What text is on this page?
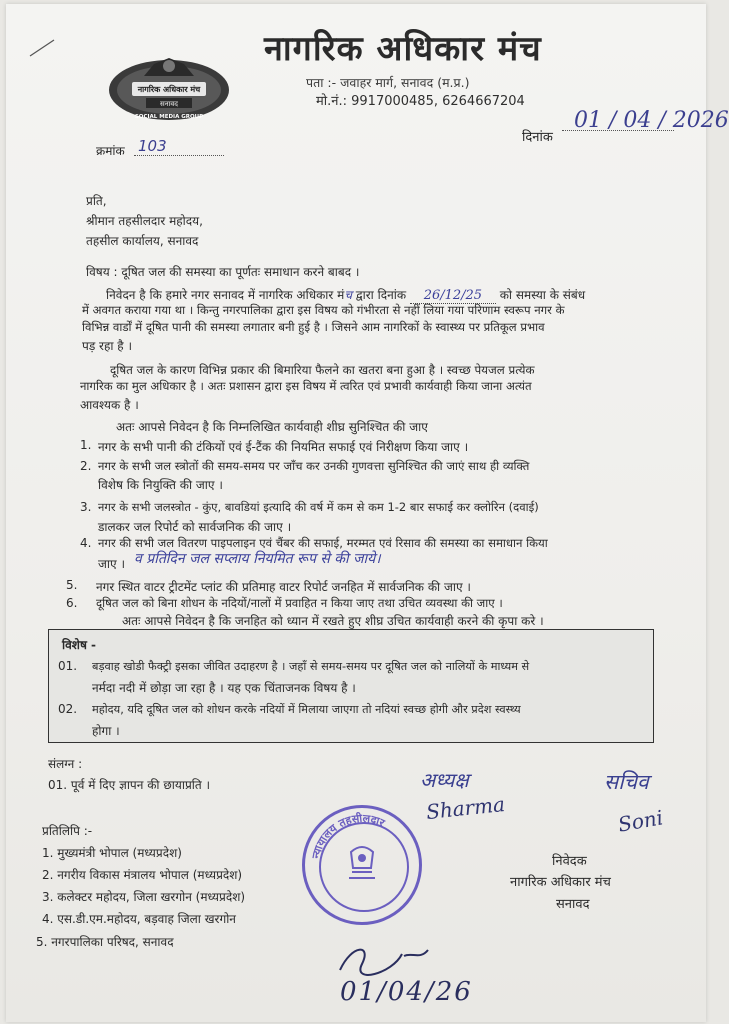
नागरिक अधिकार मंच
सनावद
SOCIAL MEDIA GROUP
नागरिक अधिकार मंच
पता :- जवाहर मार्ग, सनावद (म.प्र.)
मो.नं.: 9917000485, 6264667204
दिनांक
01 / 04 / 2026
क्रमांक 103
प्रति,
श्रीमान तहसीलदार महोदय,
तहसील कार्यालय, सनावद
विषय : दूषित जल की समस्या का पूर्णतः समाधान करने बाबद ।
निवेदन है कि हमारे नगर सनावद में नागरिक अधिकार मंच द्वारा दिनांक 26/12/25 को समस्या के संबंध
में अवगत कराया गया था । किन्तु नगरपालिका द्वारा इस विषय को गंभीरता से नहीं लिया गया परिणाम स्वरूप नगर के
विभिन्न वार्डों में दूषित पानी की समस्या लगातार बनी हुई है । जिसने आम नागरिकों के स्वास्थ्य पर प्रतिकूल प्रभाव
पड़ रहा है ।
दूषित जल के कारण विभिन्न प्रकार की बिमारिया फैलने का खतरा बना हुआ है । स्वच्छ पेयजल प्रत्येक
नागरिक का मुल अधिकार है । अतः प्रशासन द्वारा इस विषय में त्वरित एवं प्रभावी कार्यवाही किया जाना अत्यंत
आवश्यक है ।
अतः आपसे निवेदन है कि निम्नलिखित कार्यवाही शीघ्र सुनिश्चित की जाए
1. नगर के सभी पानी की टंकियों एवं ई-टैंक की नियमित सफाई एवं निरीक्षण किया जाए ।
2. नगर के सभी जल स्त्रोतों की समय-समय पर जाँच कर उनकी गुणवत्ता सुनिश्चित की जाएं साथ ही व्यक्ति
विशेष कि नियुक्ति की जाए ।
3. नगर के सभी जलस्त्रोत - कुंए, बावडियां इत्यादि की वर्ष में कम से कम 1-2 बार सफाई कर क्लोरिन (दवाई)
डालकर जल रिपोर्ट को सार्वजनिक की जाए ।
4. नगर की सभी जल वितरण पाइपलाइन एवं चैंबर की सफाई, मरम्मत एवं रिसाव की समस्या का समाधान किया
जाए । व प्रतिदिन जल सप्लाय नियमित रूप से की जाये।
5. नगर स्थित वाटर ट्रीटमेंट प्लांट की प्रतिमाह वाटर रिपोर्ट जनहित में सार्वजनिक की जाए ।
6. दूषित जल को बिना शोधन के नदियों/नालों में प्रवाहित न किया जाए तथा उचित व्यवस्था की जाए ।
अतः आपसे निवेदन है कि जनहित को ध्यान में रखते हुए शीघ्र उचित कार्यवाही करने की कृपा करे ।
विशेष -
01. बड़वाह खोडी फैक्ट्री इसका जीवित उदाहरण है । जहाँ से समय-समय पर दूषित जल को नालियों के माध्यम से
नर्मदा नदी में छोड़ा जा रहा है । यह एक चिंताजनक विषय है ।
02. महोदय, यदि दूषित जल को शोधन करके नदियों में मिलाया जाएगा तो नदियां स्वच्छ होगी और प्रदेश स्वस्थ्य
होगा ।
संलग्न :
01. पूर्व में दिए ज्ञापन की छायाप्रति ।
प्रतिलिपि :-
1. मुख्यमंत्री भोपाल (मध्यप्रदेश)
2. नगरीय विकास मंत्रालय भोपाल (मध्यप्रदेश)
3. कलेक्टर महोदय, जिला खरगोन (मध्यप्रदेश)
4. एस.डी.एम.महोदय, बड़वाह जिला खरगोन
5. नगरपालिका परिषद, सनावद
न्यायालय तहसीलदार
अध्यक्ष
Sharma
सचिव
Soni
निवेदक
नागरिक अधिकार मंच
सनावद
01/04/26
